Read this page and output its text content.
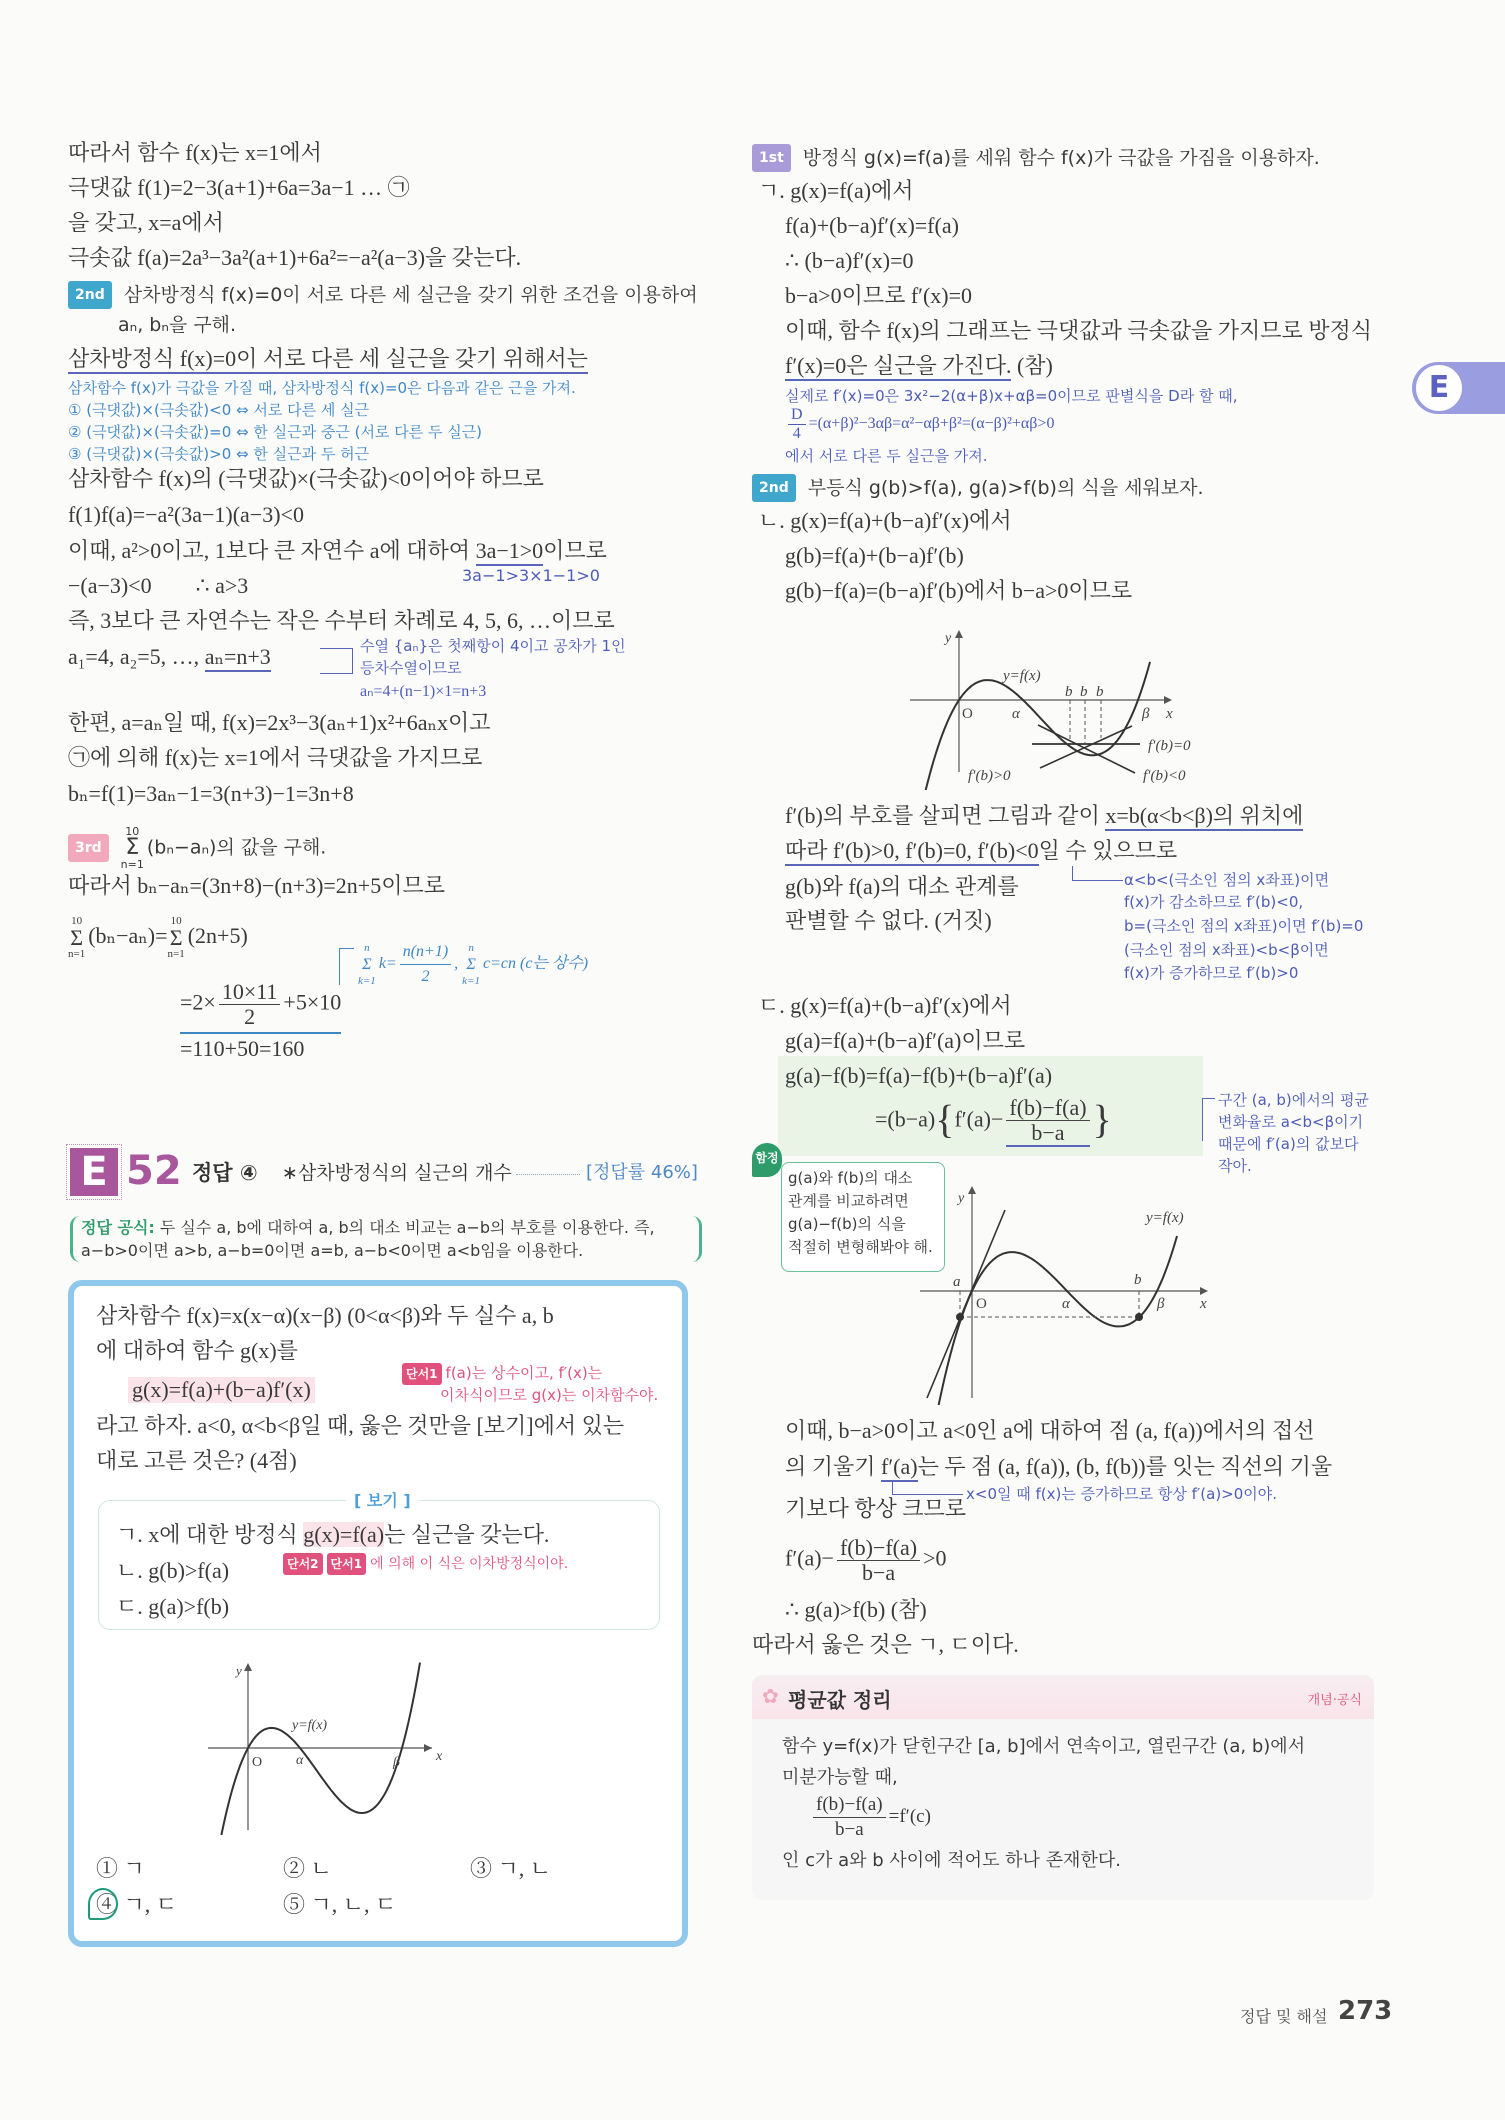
E
따라서 함수 f(x)는 x=1에서
극댓값 f(1)=2−3(a+1)+6a=3a−1 … ㉠
을 갖고, x=a에서
극솟값 f(a)=2a³−3a²(a+1)+6a²=−a²(a−3)을 갖는다.
2nd 삼차방정식 f(x)=0이 서로 다른 세 실근을 갖기 위한 조건을 이용하여
aₙ, bₙ을 구해.
삼차방정식 f(x)=0이 서로 다른 세 실근을 갖기 위해서는
삼차함수 f(x)가 극값을 가질 때, 삼차방정식 f(x)=0은 다음과 같은 근을 가져.
① (극댓값)×(극솟값)<0 ⇔ 서로 다른 세 실근
② (극댓값)×(극솟값)=0 ⇔ 한 실근과 중근 (서로 다른 두 실근)
③ (극댓값)×(극솟값)>0 ⇔ 한 실근과 두 허근
삼차함수 f(x)의 (극댓값)×(극솟값)<0이어야 하므로
f(1)f(a)=−a²(3a−1)(a−3)<0
이때, a²>0이고, 1보다 큰 자연수 a에 대하여 3a−1>0이므로
3a−1>3×1−1>0
−(a−3)<0 ∴ a>3
즉, 3보다 큰 자연수는 작은 수부터 차례로 4, 5, 6, …이므로
a₁=4, a₂=5, …, aₙ=n+3	수열 {aₙ}은 첫째항이 4이고 공차가 1인
등차수열이므로
aₙ=4+(n−1)×1=n+3
한편, a=aₙ일 때, f(x)=2x³−3(aₙ+1)x²+6aₙx이고
㉠에 의해 f(x)는 x=1에서 극댓값을 가지므로
bₙ=f(1)=3aₙ−1=3(n+3)−1=3n+8
3rd
10
Σ
n=1
(bₙ−aₙ)의 값을 구해.
따라서 bₙ−aₙ=(3n+8)−(n+3)=2n+5이므로
10
Σ
n=1
(bₙ−aₙ)=
10
Σ
n=1
(2n+5)	n
Σ
k=1
$k= \frac{n(n+1)}{2}$ ,
n
Σ
k=1
c=cn (c는 상수)
$=2\times \frac{10\times 11}{2} +5\times 10$
=110+50=160
E 52 정답 ④ ∗삼차방정식의 실근의 개수	[정답률 46%]
정답 공식: 두 실수 a, b에 대하여 a, b의 대소 비교는 a−b의 부호를 이용한다. 즉,
a−b>0이면 a>b, a−b=0이면 a=b, a−b<0이면 a<b임을 이용한다.
삼차함수 f(x)=x(x−α)(x−β) (0<α<β)와 두 실수 a, b
에 대하여 함수 g(x)를
g(x)=f(a)+(b−a)f′(x)
단서1 f(a)는 상수이고, f′(x)는
이차식이므로 g(x)는 이차함수야.
라고 하자. a<0, α<b<β일 때, 옳은 것만을 [보기]에서 있는
대로 고른 것은? (4점)
[ 보기 ]
ㄱ. x에 대한 방정식 g(x)=f(a)는 실근을 갖는다.
단서2 단서1 에 의해 이 식은 이차방정식이야.
ㄴ. g(b)>f(a)
ㄷ. g(a)>f(b)
y
x
O α	β
y=f(x)
① ㄱ	② ㄴ	③ ㄱ, ㄴ
④ ㄱ, ㄷ	⑤ ㄱ, ㄴ, ㄷ
1st 방정식 g(x)=f(a)를 세워 함수 f(x)가 극값을 가짐을 이용하자.
ㄱ. g(x)=f(a)에서
f(a)+(b−a)f′(x)=f(a)
∴ (b−a)f′(x)=0
b−a>0이므로 f′(x)=0
이때, 함수 f(x)의 그래프는 극댓값과 극솟값을 가지므로 방정식
f′(x)=0은 실근을 가진다. (참)
실제로 f′(x)=0은 3x²−2(α+β)x+αβ=0이므로 판별식을 D라 할 때,
$\frac{D}{4} =(\alpha+\beta)^2-3\alpha\beta=\alpha^2-\alpha\beta+\beta^2=(\alpha-\beta)^2+\alpha\beta>0$
에서 서로 다른 두 실근을 가져.
2nd 부등식 g(b)>f(a), g(a)>f(b)의 식을 세워보자.
ㄴ. g(x)=f(a)+(b−a)f′(x)에서
g(b)=f(a)+(b−a)f′(b)
g(b)−f(a)=(b−a)f′(b)에서 b−a>0이므로
y
x
O	α	β
y=f(x)
b b b
f′(b)=0
f′(b)>0	f′(b)<0
f′(b)의 부호를 살피면 그림과 같이 x=b(α<b<β)의 위치에
따라 f′(b)>0, f′(b)=0, f′(b)<0일 수 있으므로
g(b)와 f(a)의 대소 관계를
판별할 수 없다. (거짓)
α<b<(극소인 점의 x좌표)이면
f(x)가 감소하므로 f′(b)<0,
b=(극소인 점의 x좌표)이면 f′(b)=0
(극소인 점의 x좌표)<b<β이면
f(x)가 증가하므로 f′(b)>0
ㄷ. g(x)=f(a)+(b−a)f′(x)에서
g(a)=f(a)+(b−a)f′(a)이므로
g(a)−f(b)=f(a)−f(b)+(b−a)f′(a)
$=(b-a)\{f'(a)- \frac{f(b)-f(a)}{b-a}$ }	구간 (a, b)에서의 평균
변화율로 a<b<β이기
때문에 f′(a)의 값보다
작아.
함정
g(a)와 f(b)의 대소
관계를 비교하려면
g(a)−f(b)의 식을
적절히 변형해봐야 해.
y
x
O	α	β
y=f(x)
a	b
이때, b−a>0이고 a<0인 a에 대하여 점 (a, f(a))에서의 접선
의 기울기 f′(a)는 두 점 (a, f(a)), (b, f(b))를 잇는 직선의 기울
x<0일 때 f(x)는 증가하므로 항상 f′(a)>0이야.
기보다 항상 크므로
$f'(a)- \frac{f(b)-f(a)}{b-a} >0$
∴ g(a)>f(b) (참)
따라서 옳은 것은 ㄱ, ㄷ이다.
✿ 평균값 정리	개념·공식
함수 y=f(x)가 닫힌구간 [a, b]에서 연속이고, 열린구간 (a, b)에서
미분가능할 때,
$\frac{f(b)-f(a)}{b-a} =f'(c)$
인 c가 a와 b 사이에 적어도 하나 존재한다.
정답 및 해설 273
